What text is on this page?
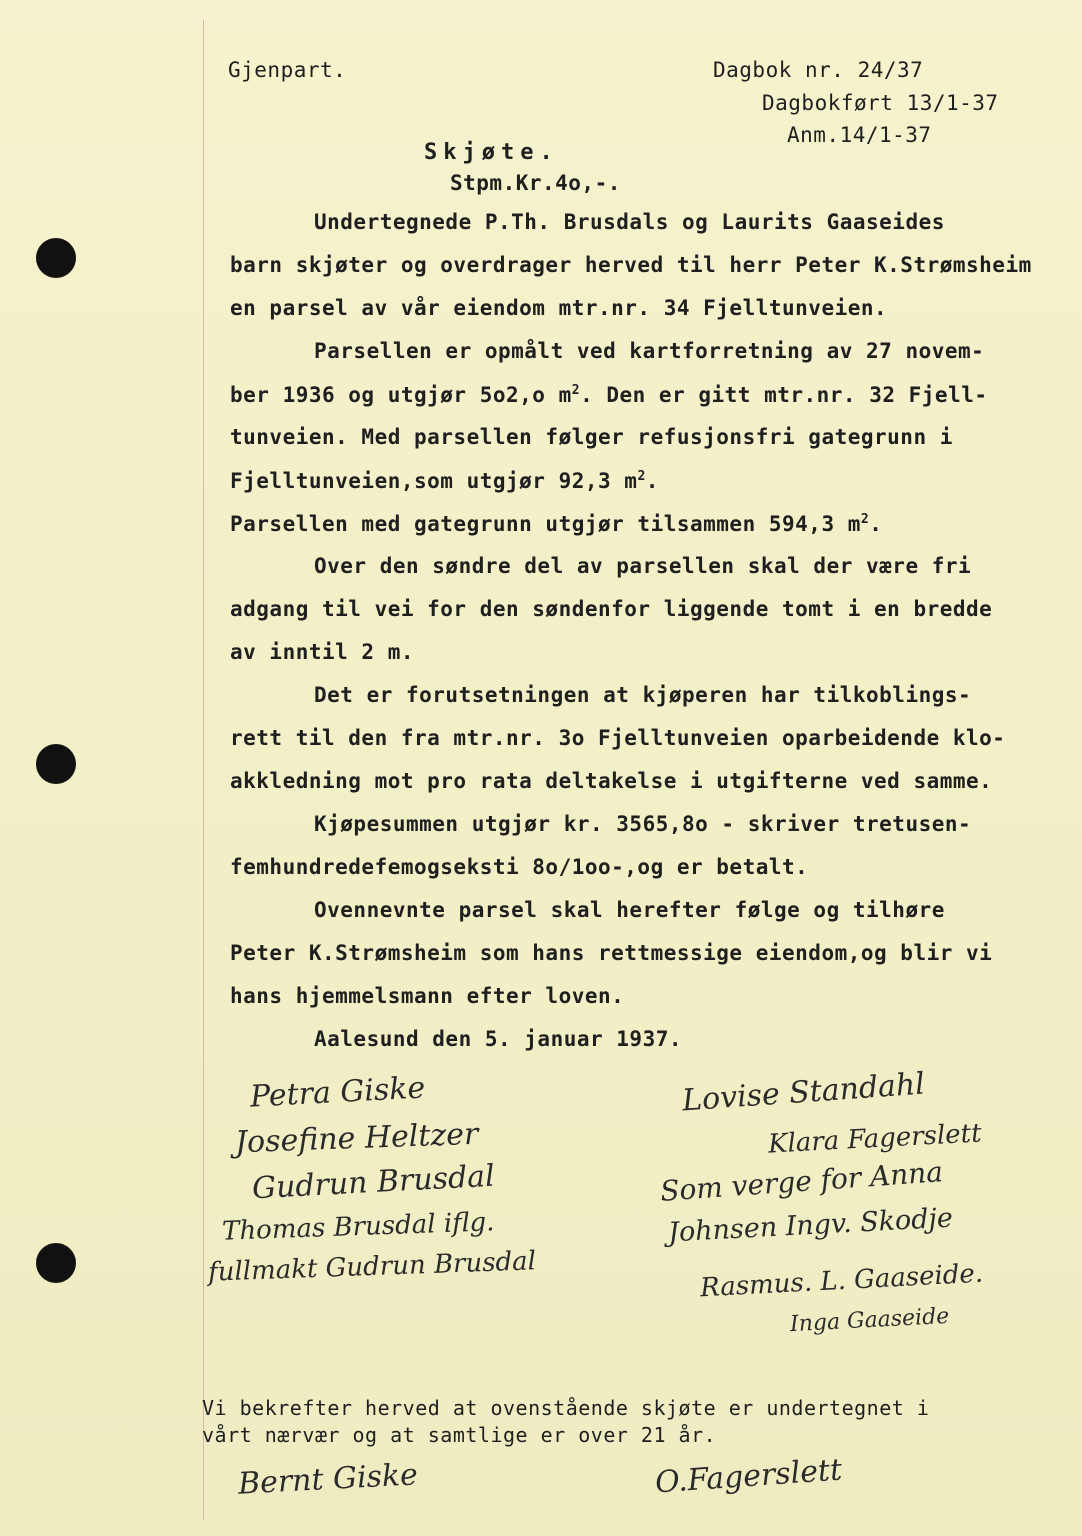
Gjenpart.	Dagbok nr. 24/37
Dagbokført 13/1-37
Anm.14/1-37
Skjøte.
Stpm.Kr.4o,-.
Undertegnede P.Th. Brusdals og Laurits Gaaseides
barn skjøter og overdrager herved til herr Peter K.Strømsheim
en parsel av vår eiendom mtr.nr. 34 Fjelltunveien.
Parsellen er opmålt ved kartforretning av 27 novem-
ber 1936 og utgjør 5o2,o $m^2$. Den er gitt mtr.nr. 32 Fjell-
tunveien. Med parsellen følger refusjonsfri gategrunn i
Fjelltunveien,som utgjør 92,3 $m^2$.
Parsellen med gategrunn utgjør tilsammen 594,3 $m^2$.
Over den søndre del av parsellen skal der være fri
adgang til vei for den søndenfor liggende tomt i en bredde
av inntil 2 m.
Det er forutsetningen at kjøperen har tilkoblings-
rett til den fra mtr.nr. 3o Fjelltunveien oparbeidende klo-
akkledning mot pro rata deltakelse i utgifterne ved samme.
Kjøpesummen utgjør kr. 3565,8o - skriver tretusen-
femhundredefemogseksti 8o/1oo-,og er betalt.
Ovennevnte parsel skal herefter følge og tilhøre
Peter K.Strømsheim som hans rettmessige eiendom,og blir vi
hans hjemmelsmann efter loven.
Aalesund den 5. januar 1937.
Petra Giske
Josefine Heltzer
Gudrun Brusdal
Thomas Brusdal iflg.
fullmakt Gudrun Brusdal
Lovise Standahl
Klara Fagerslett
Som verge for Anna
Johnsen Ingv. Skodje
Rasmus. L. Gaaseide.
Inga Gaaseide
Vi bekrefter herved at ovenstående skjøte er undertegnet i
vårt nærvær og at samtlige er over 21 år.
Bernt Giske	O.Fagerslett
